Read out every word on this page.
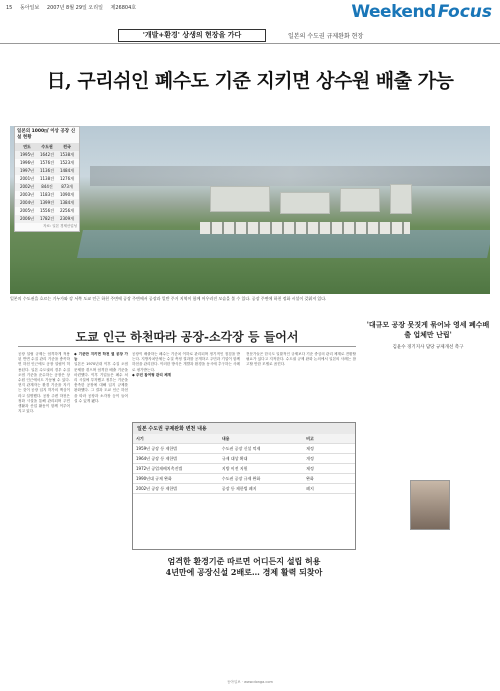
15 동아일보 2007년 8월 29일 오리일 제26804호	Weekend Focus
'개발+환경' 상생의 현장을 가다	일본의 수도권 규제완화 현장
日, 구리쉬인 폐수도 기준 지키면 상수원 배출 가능
일본의 1000㎡ 이상 공장 신설 현황
연도	수도권	전국
1995년	1642건	1538개
1996년	1576건	1523개
1997년	1136건	1484개
2001년	1138건	1276개
2002년	844건	873개
2003년	1183건	1090개
2004년	1399건	1384개
2005년	1556건	2256개
2006년	1782건	2309개
자료: 일본 경제산업성
일본의 수도권을 흐르는 기누가와 강 서쪽 도쿄 인근 하천 주변에 공장 주변에서 공장과 일반 주거 지역이 함께 어우러진 모습을 볼 수 있다. 공장 주변에 하천 정화 시설이 갖춰져 있다.
도쿄 인근 하천따라 공장-소각장 등 들어서

공장 설립 규제는 엄격하게 적용된 반면 수질 관리 기준을 충족하면 하천 인근에도 공장 설립이 허용된다. 일본 수도권의 경우 수질 오염 기준을 준수하는 공장은 상수원 인근에서도 가동될 수 있다. 현지 관계자는 환경 기준을 지키는 것이 공장 입지 허가의 핵심이라고 설명했다. 공장 주변 하천은 정화 시설을 통해 관리되며 주민 생활과 산업 활동이 함께 이루어지고 있다.

◆ 기준만 지키면 하천 옆 공장 가능

일본은 1970년대 이후 수질 오염 문제를 겪으며 엄격한 배출 기준을 마련했다. 이후 기업들은 폐수 처리 시설에 투자했고 정부는 기준을 충족한 공장에 대해 입지 규제를 완화했다. 그 결과 도쿄 인근 하천을 따라 공장과 소각장 등이 들어설 수 있게 됐다.

공장이 배출하는 폐수는 기준치 이하로 관리되며 정기적인 점검을 받는다. 지방자치단체는 수질 측정 결과를 공개하고 주민과 기업이 함께 하천을 관리한다. 이러한 방식은 개발과 환경을 동시에 추구하는 사례로 평가받는다.

◆ 주민 참여형 관리 체계

전문가들은 한국도 일률적인 규제보다 기준 중심의 관리 체계로 전환할 필요가 있다고 지적한다. 수도권 규제 완화 논의에서 일본의 사례는 참고할 만한 모델로 꼽힌다.

일본 수도권 규제완화 변천 내용
시기	내용	비고
1959년 공장 등 제한법	수도권 공장 신설 억제	제정
1964년 공장 등 제한법	규제 대상 확대	개정
1972년 공업재배치촉진법	지방 이전 지원	제정
1990년대 규제 완화	수도권 공장 규제 완화	완화
2002년 공장 등 제한법	공장 등 제한법 폐지	폐지
엄격한 환경기준 따르면 어디든지 설립 허용
4년만에 공장신설 2배로… 경제 활력 되찾아
'대규모 공장 못짓게 묶어놔 영세 폐수배출 업체만 난립'
김윤수 경기지사 담당 규제개선 촉구
동아일보 · www.donga.com
